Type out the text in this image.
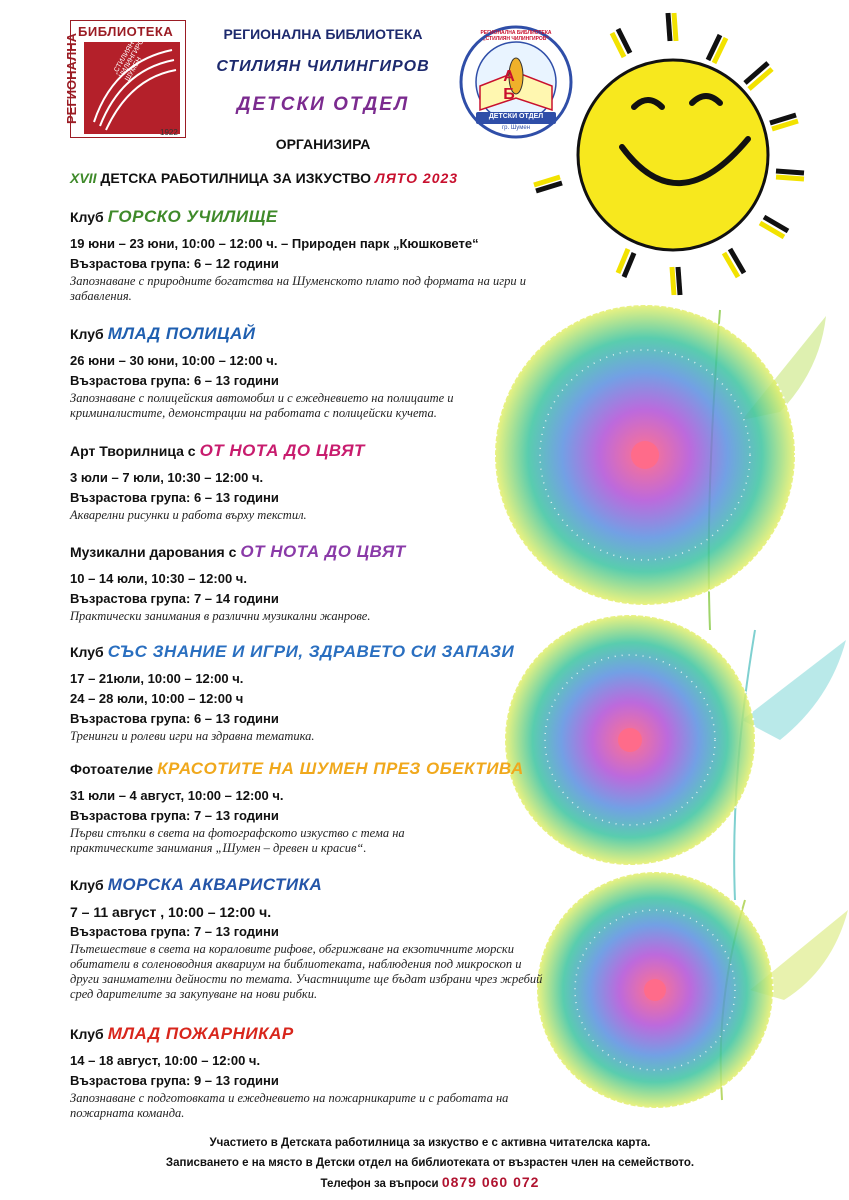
БИБЛИОТЕКА
РЕГИОНАЛНА	„СТИЛИЯН ЧИЛИНГИРОВ“ ШУМЕН
1922
РЕГИОНАЛНА БИБЛИОТЕКА
СТИЛИЯН ЧИЛИНГИРОВ
ДЕТСКИ ОТДЕЛ
ОРГАНИЗИРА
А Б
ДЕТСКИ ОТДЕЛ
гр. Шумен
РЕГИОНАЛНА БИБЛИОТЕКА „СТИЛИЯН ЧИЛИНГИРОВ“
XVII ДЕТСКА РАБОТИЛНИЦА ЗА ИЗКУСТВО ЛЯТО 2023
Клуб ГОРСКО УЧИЛИЩЕ
19 юни – 23 юни, 10:00 – 12:00 ч. – Природен парк „Кюшковете“
Възрастова група: 6 – 12 години
Запознаване с природните богатства на Шуменското плато под формата на игри и забавления.
Клуб МЛАД ПОЛИЦАЙ
26 юни – 30 юни, 10:00 – 12:00 ч.
Възрастова група: 6 – 13 години
Запознаване с полицейския автомобил и с ежедневието на полицаите и криминалистите, демонстрации на работата с полицейски кучета.
Арт Творилница с ОТ НОТА ДО ЦВЯТ
3 юли – 7 юли, 10:30 – 12:00 ч.
Възрастова група: 6 – 13 години
Акварелни рисунки и работа върху текстил.
Музикални дарования с ОТ НОТА ДО ЦВЯТ
10 – 14 юли, 10:30 – 12:00 ч.
Възрастова група: 7 – 14 години
Практически занимания в различни музикални жанрове.
Клуб СЪС ЗНАНИЕ И ИГРИ, ЗДРАВЕТО СИ ЗАПАЗИ
17 – 21юли, 10:00 – 12:00 ч.
24 – 28 юли, 10:00 – 12:00 ч
Възрастова група: 6 – 13 години
Тренинги и ролеви игри на здравна тематика.
Фотоателие КРАСОТИТЕ НА ШУМЕН ПРЕЗ ОБЕКТИВА
31 юли – 4 август, 10:00 – 12:00 ч.
Възрастова група: 7 – 13 години
Първи стъпки в света на фотографското изкуство с тема на практическите занимания „Шумен – древен и красив“.
Клуб МОРСКА АКВАРИСТИКА
7 – 11 август , 10:00 – 12:00 ч.
Възрастова група: 7 – 13 години
Пътешествие в света на кораловите рифове, обгрижване на екзотичните морски обитатели в соленоводния аквариум на библиотеката, наблюдения под микроскоп и други занимателни дейности по темата. Участниците ще бъдат избрани чрез жребий сред дарителите за закупуване на нови рибки.
Клуб МЛАД ПОЖАРНИКАР
14 – 18 август, 10:00 – 12:00 ч.
Възрастова група: 9 – 13 години
Запознаване с подготовката и ежедневието на пожарникарите и с работата на пожарната команда.
Участието в Детската работилница за изкуство е с активна читателска карта.
Записването е на място в Детски отдел на библиотеката от възрастен член на семейството.
Телефон за въпроси 0879 060 072
